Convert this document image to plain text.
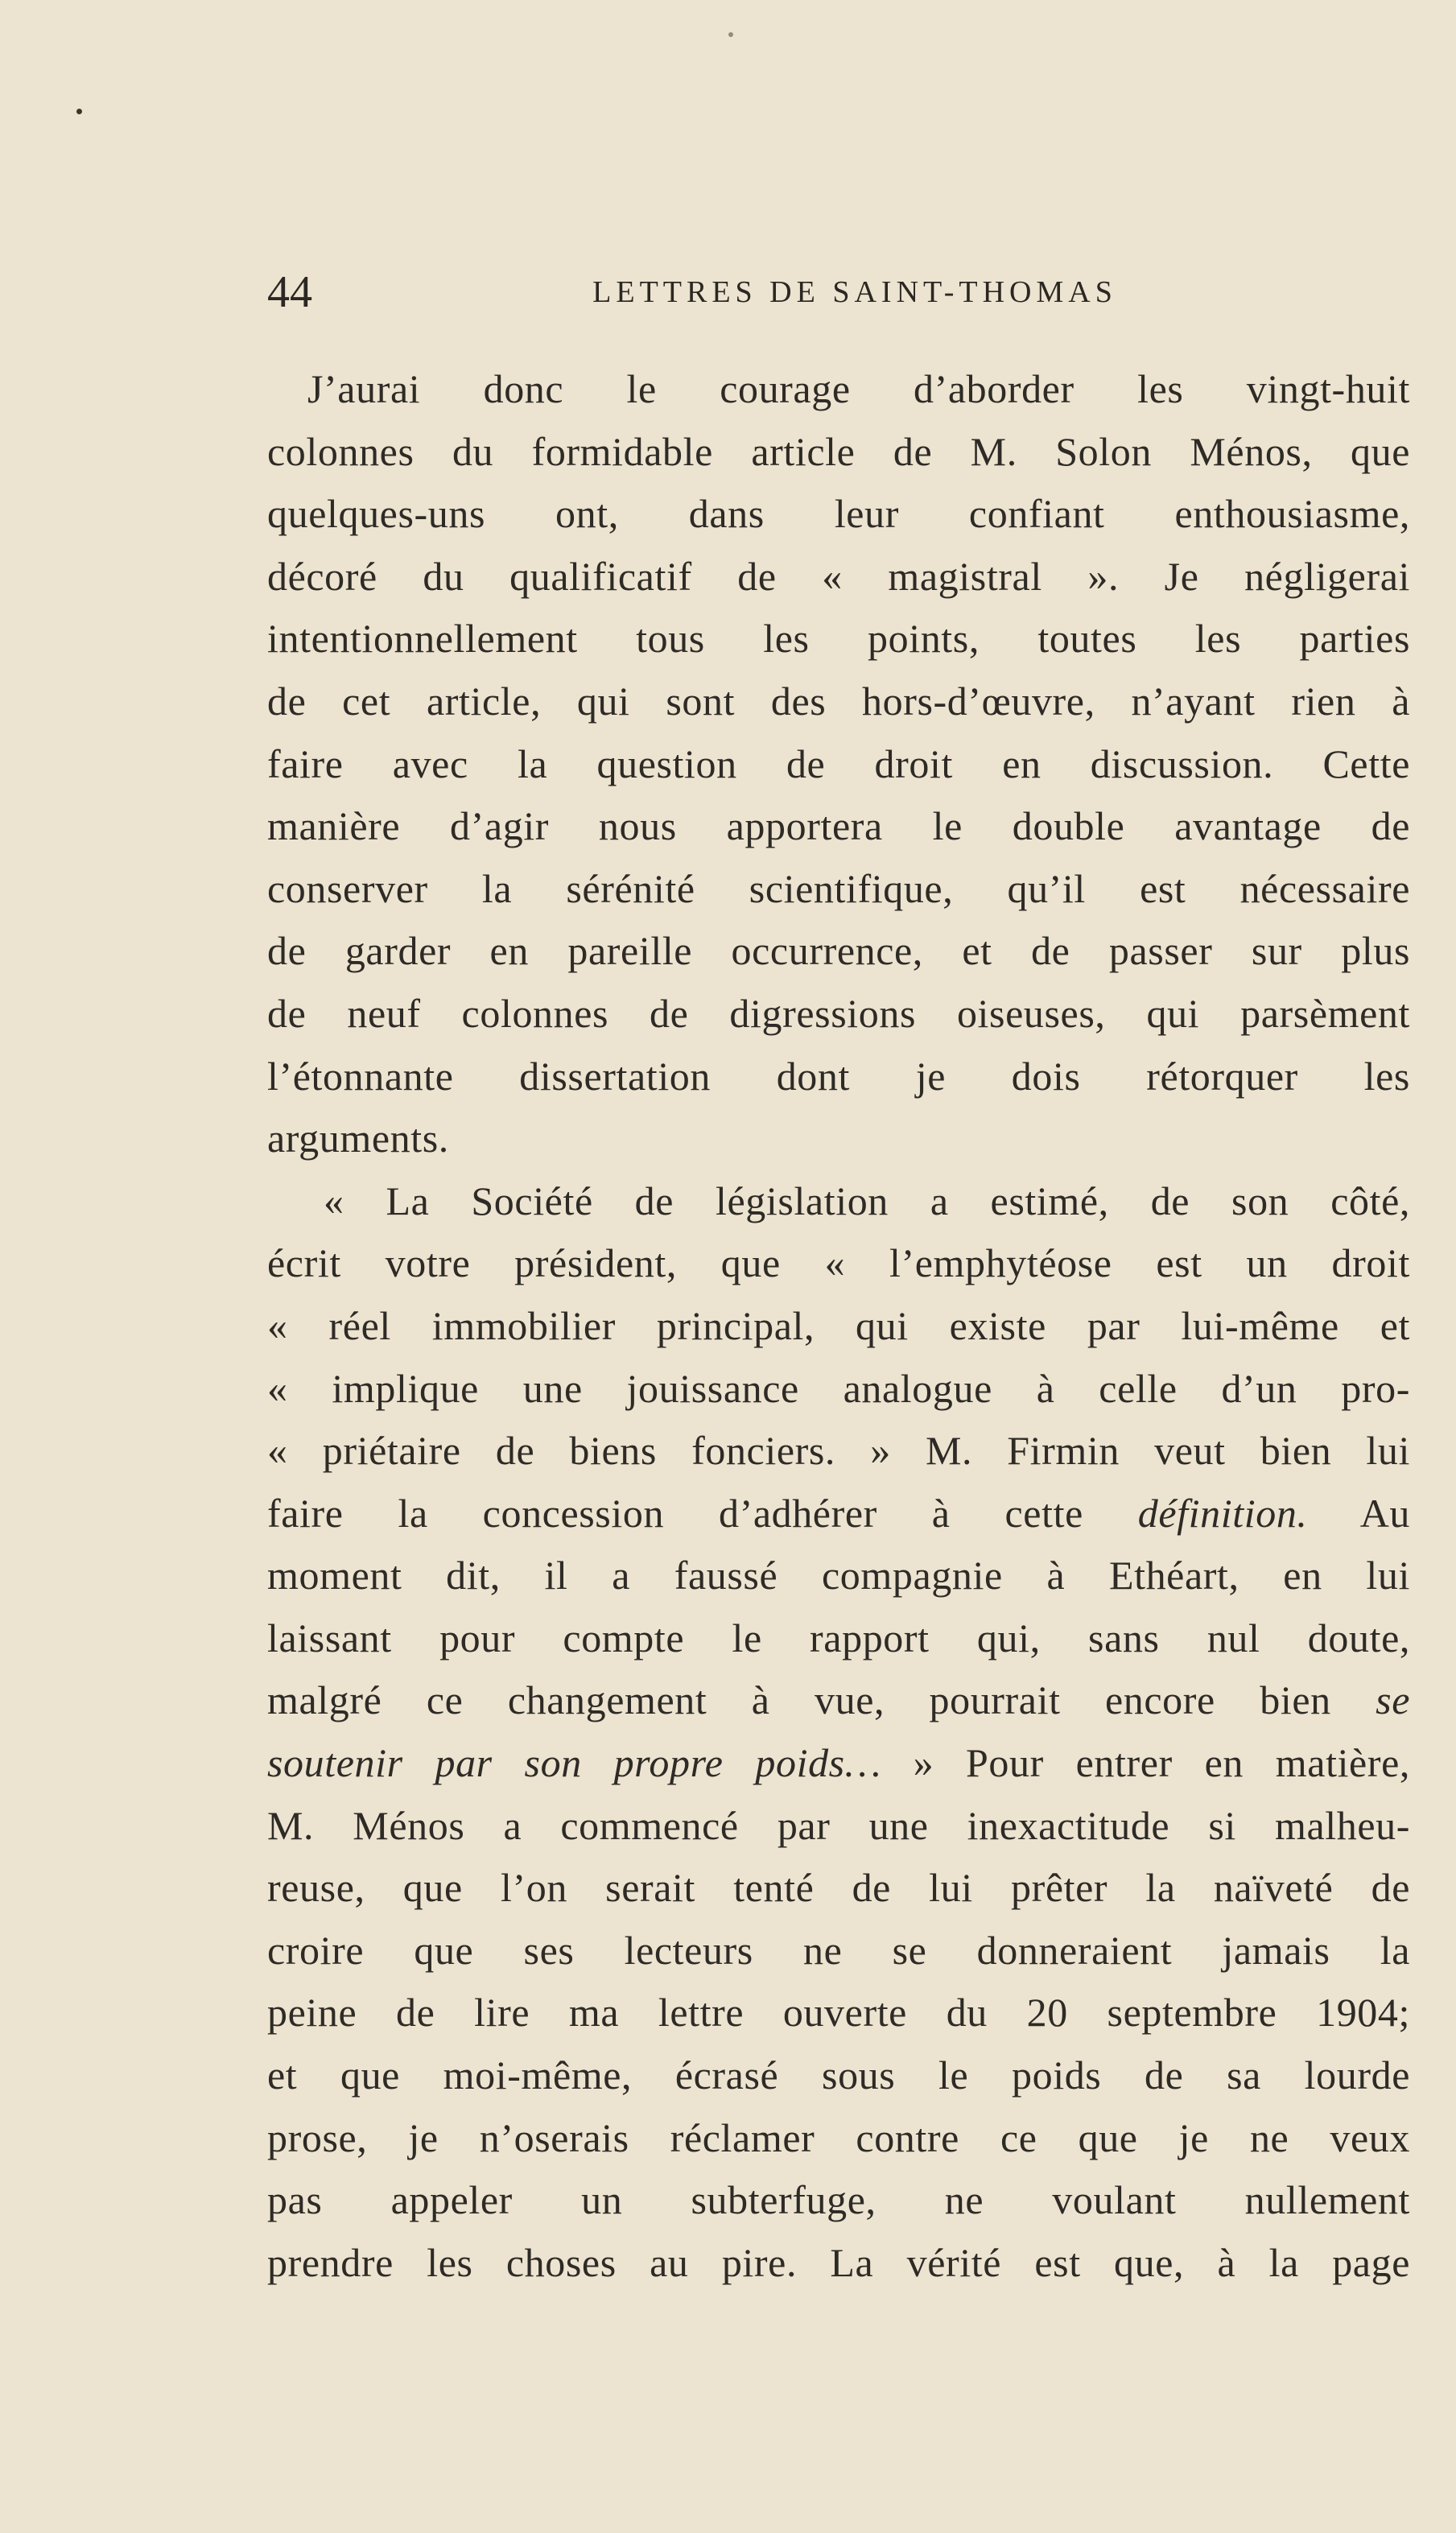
44	LETTRES DE SAINT-THOMAS
J’aurai donc le courage d’aborder les vingt-huit
colonnes du formidable article de M. Solon Ménos, que
quelques-uns ont, dans leur confiant enthousiasme,
décoré du qualificatif de « magistral ». Je négligerai
intentionnellement tous les points, toutes les parties
de cet article, qui sont des hors-d’œuvre, n’ayant rien à
faire avec la question de droit en discussion. Cette
manière d’agir nous apportera le double avantage de
conserver la sérénité scientifique, qu’il est nécessaire
de garder en pareille occurrence, et de passer sur plus
de neuf colonnes de digressions oiseuses, qui parsèment
l’étonnante dissertation dont je dois rétorquer les
arguments.
« La Société de législation a estimé, de son côté,
écrit votre président, que « l’emphytéose est un droit
« réel immobilier principal, qui existe par lui-même et
« implique une jouissance analogue à celle d’un pro-
« priétaire de biens fonciers. » M. Firmin veut bien lui
faire la concession d’adhérer à cette définition. Au
moment dit, il a faussé compagnie à Ethéart, en lui
laissant pour compte le rapport qui, sans nul doute,
malgré ce changement à vue, pourrait encore bien se
soutenir par son propre poids… » Pour entrer en matière,
M. Ménos a commencé par une inexactitude si malheu-
reuse, que l’on serait tenté de lui prêter la naïveté de
croire que ses lecteurs ne se donneraient jamais la
peine de lire ma lettre ouverte du 20 septembre 1904;
et que moi-même, écrasé sous le poids de sa lourde
prose, je n’oserais réclamer contre ce que je ne veux
pas appeler un subterfuge, ne voulant nullement
prendre les choses au pire. La vérité est que, à la page
